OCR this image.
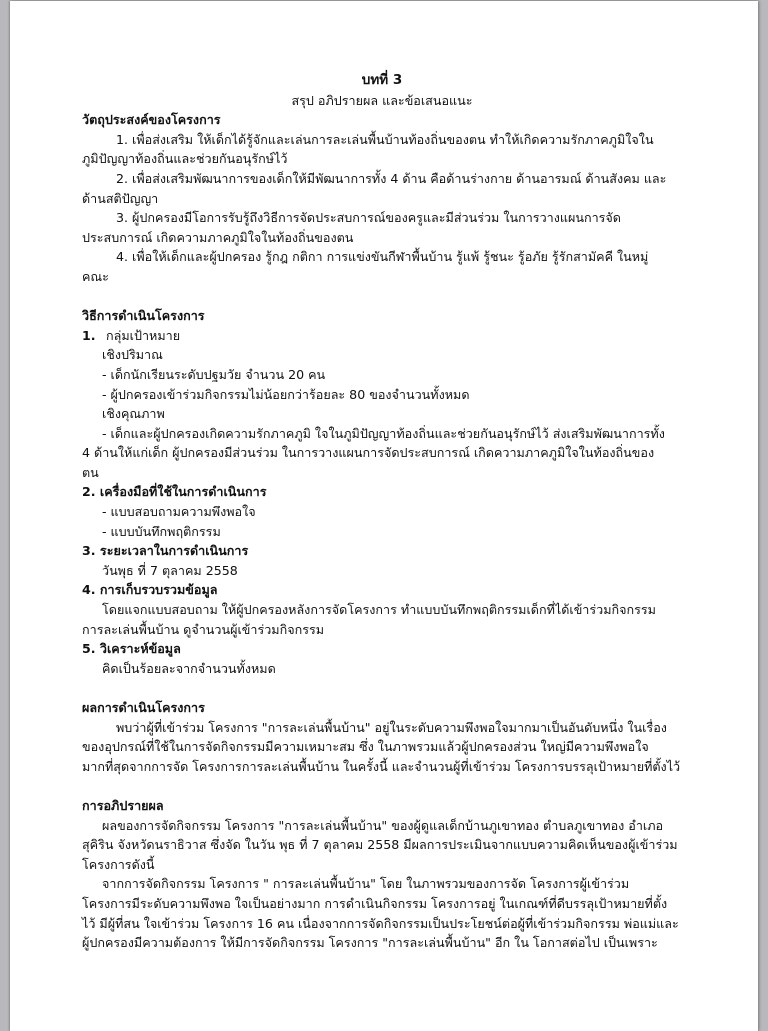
บทที่ 3
สรุป อภิปรายผล และข้อเสนอแนะ
วัตถุประสงค์ของโครงการ
1. เพื่อส่งเสริม ให้เด็กได้รู้จักและเล่นการละเล่นพื้นบ้านท้องถิ่นของตน ทำให้เกิดความรักภาคภูมิใจใน
ภูมิปัญญาท้องถิ่นและช่วยกันอนุรักษ์ไว้
2. เพื่อส่งเสริมพัฒนาการของเด็กให้มีพัฒนาการทั้ง 4 ด้าน คือด้านร่างกาย ด้านอารมณ์ ด้านสังคม และ
ด้านสติปัญญา
3. ผู้ปกครองมีโอการรับรู้ถึงวิธีการจัดประสบการณ์ของครูและมีส่วนร่วม ในการวางแผนการจัด
ประสบการณ์ เกิดความภาคภูมิใจในท้องถิ่นของตน
4. เพื่อให้เด็กและผู้ปกครอง รู้กฎ กติกา การแข่งขันกีฬาพื้นบ้าน รู้แพ้ รู้ชนะ รู้อภัย รู้รักสามัคคี ในหมู่
คณะ
วิธีการดำเนินโครงการ
1. กลุ่มเป้าหมาย
เชิงปริมาณ
- เด็กนักเรียนระดับปฐมวัย จำนวน 20 คน
- ผู้ปกครองเข้าร่วมกิจกรรมไม่น้อยกว่าร้อยละ 80 ของจำนวนทั้งหมด
เชิงคุณภาพ
- เด็กและผู้ปกครองเกิดความรักภาคภูมิ ใจในภูมิปัญญาท้องถิ่นและช่วยกันอนุรักษ์ไว้ ส่งเสริมพัฒนาการทั้ง
4 ด้านให้แก่เด็ก ผู้ปกครองมีส่วนร่วม ในการวางแผนการจัดประสบการณ์ เกิดความภาคภูมิใจในท้องถิ่นของ
ตน
2. เครื่องมือที่ใช้ในการดำเนินการ
- แบบสอบถามความพึงพอใจ
- แบบบันทึกพฤติกรรม
3. ระยะเวลาในการดำเนินการ
วันพุธ ที่ 7 ตุลาคม 2558
4. การเก็บรวบรวมข้อมูล
โดยแจกแบบสอบถาม ให้ผู้ปกครองหลังการจัดโครงการ ทำแบบบันทึกพฤติกรรมเด็กที่ได้เข้าร่วมกิจกรรม
การละเล่นพื้นบ้าน ดูจำนวนผู้เข้าร่วมกิจกรรม
5. วิเคราะห์ข้อมูล
คิดเป็นร้อยละจากจำนวนทั้งหมด
ผลการดำเนินโครงการ
พบว่าผู้ที่เข้าร่วม โครงการ "การละเล่นพื้นบ้าน" อยู่ในระดับความพึงพอใจมากมาเป็นอันดับหนึ่ง ในเรื่อง
ของอุปกรณ์ที่ใช้ในการจัดกิจกรรมมีความเหมาะสม ซึ่ง ในภาพรวมแล้วผู้ปกครองส่วน ใหญ่มีความพึงพอใจ
มากที่สุดจากการจัด โครงการการละเล่นพื้นบ้าน ในครั้งนี้ และจำนวนผู้ที่เข้าร่วม โครงการบรรลุเป้าหมายที่ตั้งไว้
การอภิปรายผล
ผลของการจัดกิจกรรม โครงการ "การละเล่นพื้นบ้าน" ของผู้ดูแลเด็กบ้านภูเขาทอง ตำบลภูเขาทอง อำเภอ
สุคิริน จังหวัดนราธิวาส ซึ่งจัด ในวัน พุธ ที่ 7 ตุลาคม 2558 มีผลการประเมินจากแบบความคิดเห็นของผู้เข้าร่วม
โครงการดังนี้
จากการจัดกิจกรรม โครงการ " การละเล่นพื้นบ้าน" โดย ในภาพรวมของการจัด โครงการผู้เข้าร่วม
โครงการมีระดับความพึงพอ ใจเป็นอย่างมาก การดำเนินกิจกรรม โครงการอยู่ ในเกณฑ์ที่ดีบรรลุเป้าหมายที่ตั้ง
ไว้ มีผู้ที่สน ใจเข้าร่วม โครงการ 16 คน เนื่องจากการจัดกิจกรรมเป็นประโยชน์ต่อผู้ที่เข้าร่วมกิจกรรม พ่อแม่และ
ผู้ปกครองมีความต้องการ ให้มีการจัดกิจกรรม โครงการ "การละเล่นพื้นบ้าน" อีก ใน โอกาสต่อไป เป็นเพราะ
